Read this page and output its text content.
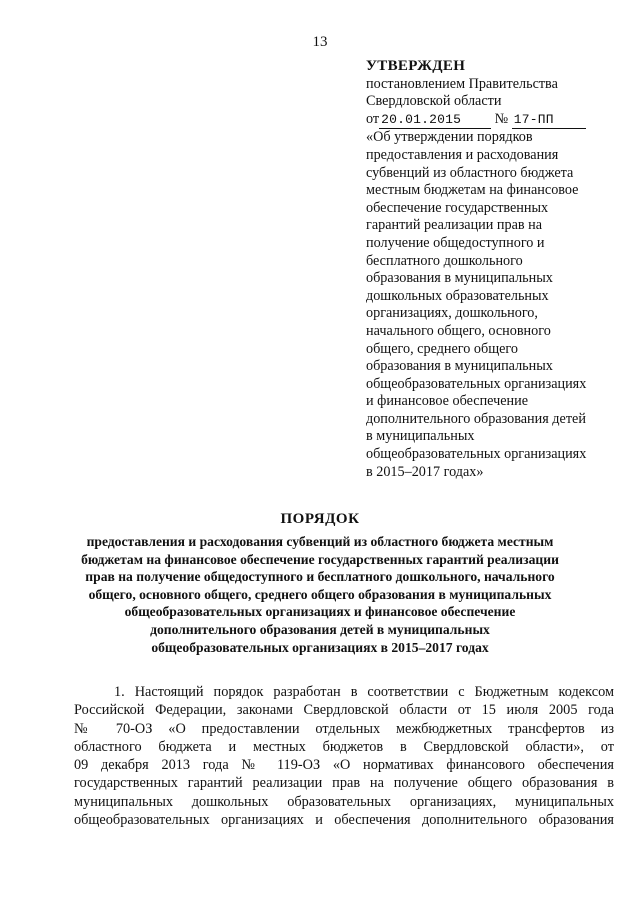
13
УТВЕРЖДЕН
постановлением Правительства
Свердловской области
от 20.01.2015 № 17-ПП
«Об утверждении порядков
предоставления и расходования
субвенций из областного бюджета
местным бюджетам на финансовое
обеспечение государственных
гарантий реализации прав на
получение общедоступного и
бесплатного дошкольного
образования в муниципальных
дошкольных образовательных
организациях, дошкольного,
начального общего, основного
общего, среднего общего
образования в муниципальных
общеобразовательных организациях
и финансовое обеспечение
дополнительного образования детей
в муниципальных
общеобразовательных организациях
в 2015–2017 годах»
ПОРЯДОК
предоставления и расходования субвенций из областного бюджета местным
бюджетам на финансовое обеспечение государственных гарантий реализации
прав на получение общедоступного и бесплатного дошкольного, начального
общего, основного общего, среднего общего образования в муниципальных
общеобразовательных организациях и финансовое обеспечение
дополнительного образования детей в муниципальных
общеобразовательных организациях в 2015–2017 годах
1. Настоящий порядок разработан в соответствии с Бюджетным кодексом
Российской Федерации, законами Свердловской области от 15 июля 2005 года
№ 70-ОЗ «О предоставлении отдельных межбюджетных трансфертов из
областного бюджета и местных бюджетов в Свердловской области», от
09 декабря 2013 года № 119-ОЗ «О нормативах финансового обеспечения
государственных гарантий реализации прав на получение общего образования в
муниципальных дошкольных образовательных организациях, муниципальных
общеобразовательных организациях и обеспечения дополнительного образования
